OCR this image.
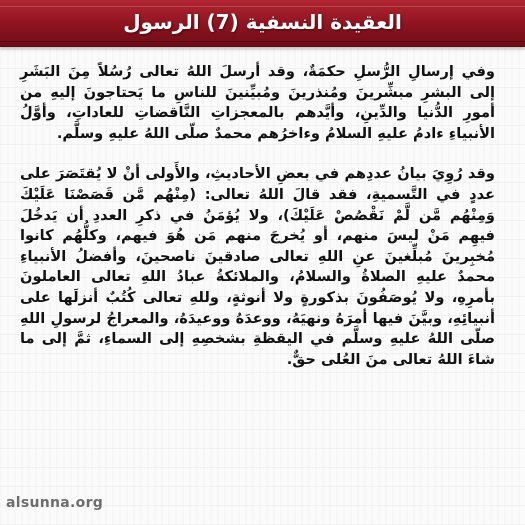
العقيدة النسفية (7) الرسول

وفي إرسالِ الرُّسلِ حكمَةٌ، وقد أرسلَ اللهُ تعالى رُسُلاً مِنَ البَشَرِ إلى البشرِ مبشِّرينَ ومُنذرينَ ومُبيِّنينَ للناسِ ما يَحتاجونَ إليهِ من أمورِ الدُّنيا والدِّينِ، وأيَّدهم بالمعجزاتِ النَّاقضاتِ للعاداتِ، وأوَّلُ الأنبياءِ ءادمُ عليهِ السلامُ وءاخرُهم محمدٌ صلّى اللهُ عليهِ وسلَّم.

وقد رُوِيَ بيانُ عددِهم في بعضِ الأحاديثِ، والأَولى أنْ لا يُقتَصَرَ على عددٍ في التَّسميةِ، فقد قالَ اللهُ تعالى: (مِنْهُم مَّن قَصَصْنَا عَلَيْكَ وَمِنْهُم مَّن لَّمْ نَقْصُصْ عَلَيْكَ)، ولا يُؤمَنُ في ذكرِ العددِ أن يَدخُلَ فيهِم مَنْ ليسَ منهم، أو يُخرجَ منهم مَن هُوَ فيهم، وكلُّهُم كانوا مُخبِرينَ مُبلِّغينَ عنِ اللهِ تعالى صادقينَ ناصحينَ، وأفضلُ الأنبياءِ محمدٌ عليهِ الصلاةُ والسلامُ، والملائكةُ عبادُ اللهِ تعالى العاملونَ بأمرِهِ، ولا يُوصَفُونَ بذكورةٍ ولا أنوثةٍ، وللهِ تعالى كُتُبٌ أنزلَها على أنبيائِهِ، وبيَّنَ فيها أمرَهُ ونهيَهُ، ووعدَهُ ووعيدَهُ، والمعراجُ لرسولِ اللهِ صلّى اللهُ عليهِ وسلَّم في اليقظةِ بشخصِهِ إلى السماءِ، ثمَّ إلى ما شاءَ اللهُ تعالى منَ العُلى حقٌّ.

alsunna.org
